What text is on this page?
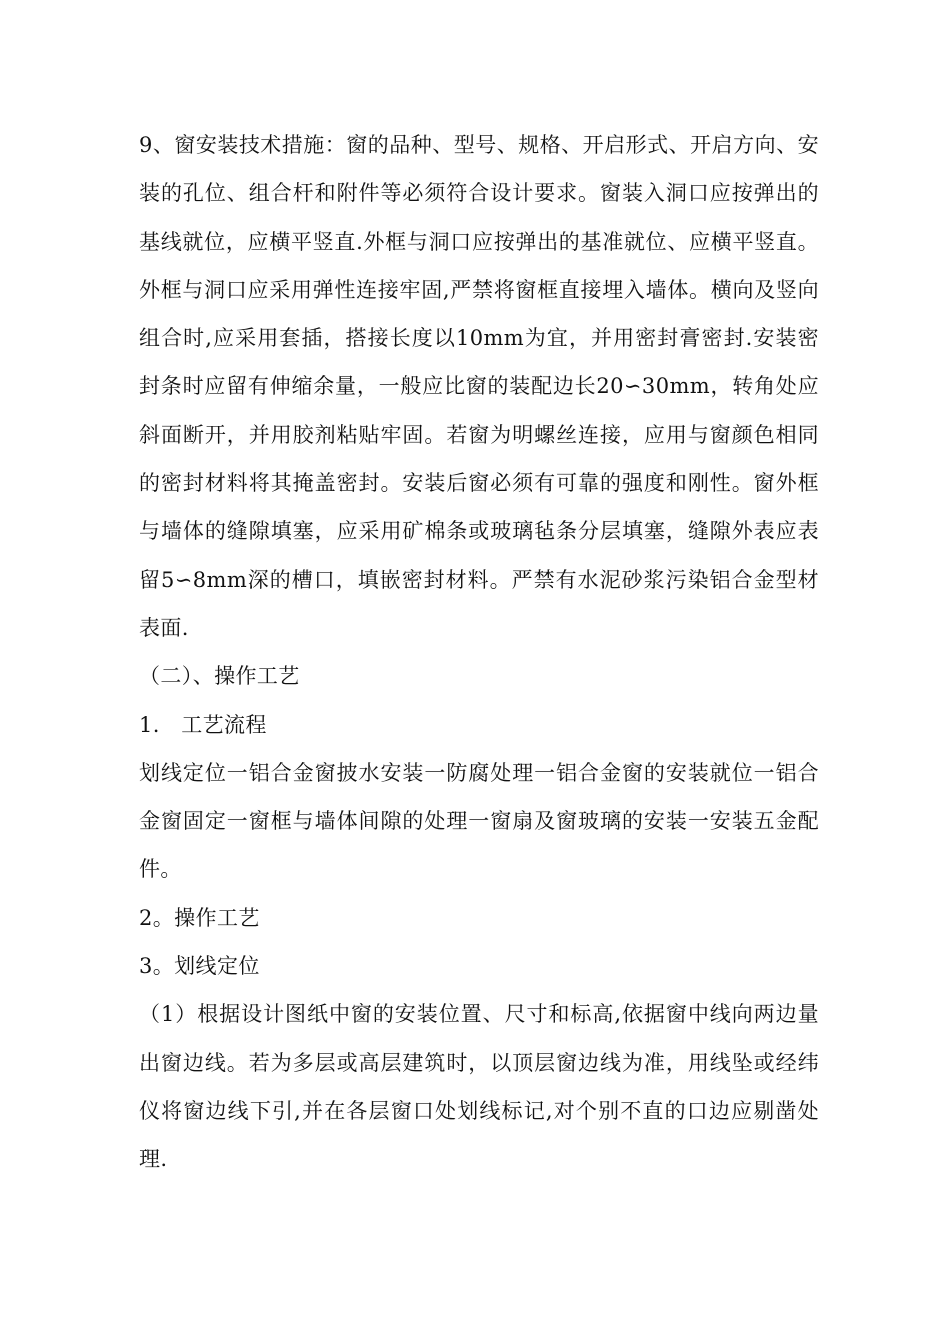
9、窗安装技术措施：窗的品种、型号、规格、开启形式、开启方向、安装的孔位、组合杆和附件等必须符合设计要求。窗装入洞口应按弹出的基线就位，应横平竖直.外框与洞口应按弹出的基准就位、应横平竖直。外框与洞口应采用弹性连接牢固,严禁将窗框直接埋入墙体。横向及竖向组合时,应采用套插，搭接长度以10mm为宜，并用密封膏密封.安装密封条时应留有伸缩余量，一般应比窗的装配边长20∽30mm，转角处应斜面断开，并用胶剂粘贴牢固。若窗为明螺丝连接，应用与窗颜色相同的密封材料将其掩盖密封。安装后窗必须有可靠的强度和刚性。窗外框与墙体的缝隙填塞，应采用矿棉条或玻璃毡条分层填塞，缝隙外表应表留5∽8mm深的槽口，填嵌密封材料。严禁有水泥砂浆污染铝合金型材表面.

（二）、操作工艺

1.　工艺流程

划线定位一铝合金窗披水安装一防腐处理一铝合金窗的安装就位一铝合金窗固定一窗框与墙体间隙的处理一窗扇及窗玻璃的安装一安装五金配件。

2。操作工艺

3。划线定位

（1）根据设计图纸中窗的安装位置、尺寸和标高,依据窗中线向两边量出窗边线。若为多层或高层建筑时，以顶层窗边线为准，用线坠或经纬仪将窗边线下引,并在各层窗口处划线标记,对个别不直的口边应剔凿处理.
